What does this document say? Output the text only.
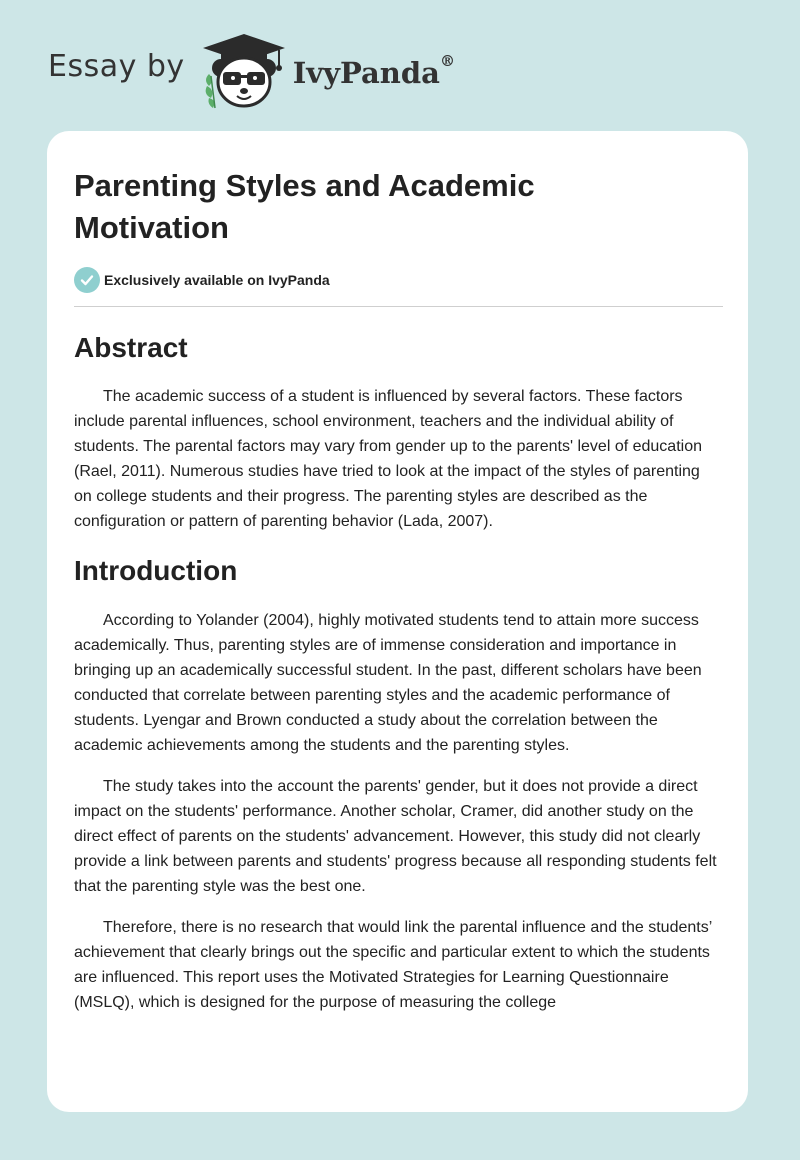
Essay by	IvyPanda®
Parenting Styles and Academic Motivation
Exclusively available on IvyPanda
Abstract

The academic success of a student is influenced by several factors. These factors include parental influences, school environment, teachers and the individual ability of students. The parental factors may vary from gender up to the parents' level of education (Rael, 2011). Numerous studies have tried to look at the impact of the styles of parenting on college students and their progress. The parenting styles are described as the configuration or pattern of parenting behavior (Lada, 2007).

Introduction

According to Yolander (2004), highly motivated students tend to attain more success academically. Thus, parenting styles are of immense consideration and importance in bringing up an academically successful student. In the past, different scholars have been conducted that correlate between parenting styles and the academic performance of students. Lyengar and Brown conducted a study about the correlation between the academic achievements among the students and the parenting styles.

The study takes into the account the parents' gender, but it does not provide a direct impact on the students' performance. Another scholar, Cramer, did another study on the direct effect of parents on the students' advancement. However, this study did not clearly provide a link between parents and students' progress because all responding students felt that the parenting style was the best one.

Therefore, there is no research that would link the parental influence and the students’ achievement that clearly brings out the specific and particular extent to which the students are influenced. This report uses the Motivated Strategies for Learning Questionnaire (MSLQ), which is designed for the purpose of measuring the college
